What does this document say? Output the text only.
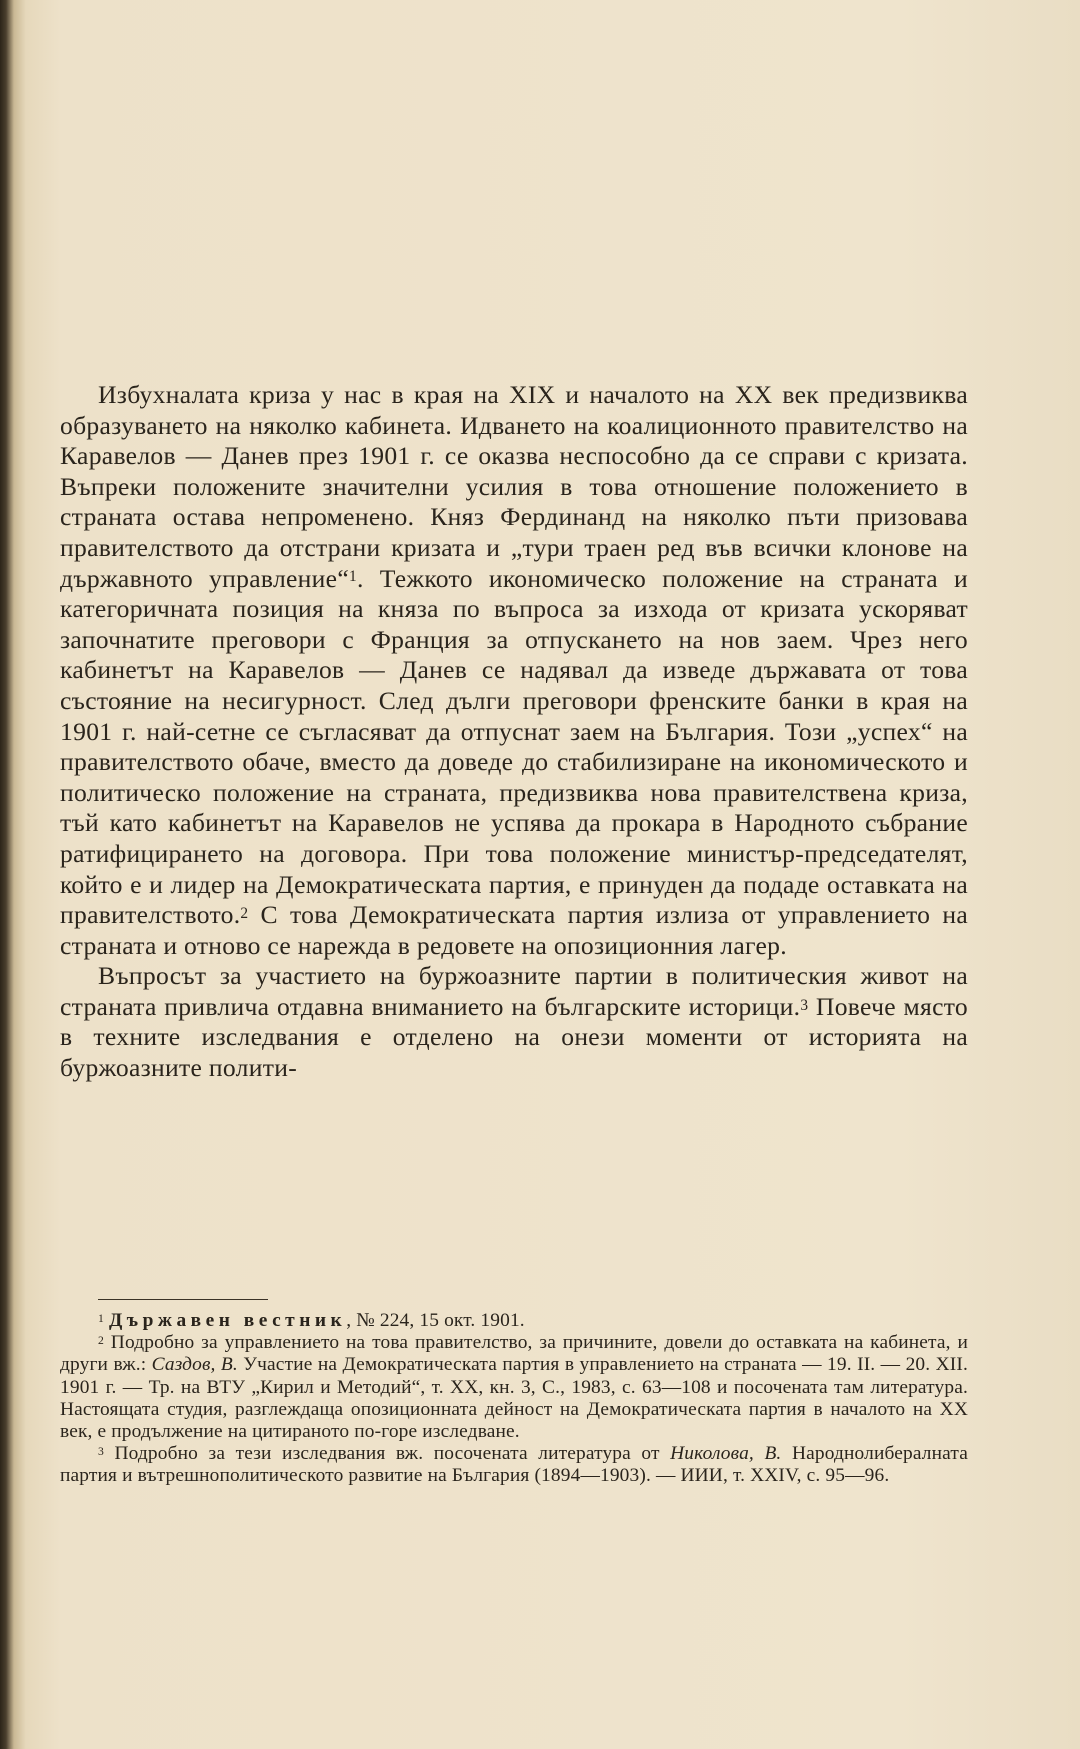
Избухналата криза у нас в края на XIX и началото на XX век предизвиква образуването на няколко кабинета. Идването на коалиционното правителство на Каравелов — Данев през 1901 г. се оказва неспособно да се справи с кризата. Въпреки положените значителни усилия в това отношение положението в страната остава непроменено. Княз Фердинанд на няколко пъти призовава правителството да отстрани кризата и „тури траен ред във всички клонове на държавното управление“$^1$. Тежкото икономическо положение на страната и категоричната позиция на княза по въпроса за изхода от кризата ускоряват започнатите преговори с Франция за отпускането на нов заем. Чрез него кабинетът на Каравелов — Данев се надявал да изведе държавата от това състояние на несигурност. След дълги преговори френските банки в края на 1901 г. най-сетне се съгласяват да отпуснат заем на България. Този „успех“ на правителството обаче, вместо да доведе до стабилизиране на икономическото и политическо положение на страната, предизвиква нова правителствена криза, тъй като кабинетът на Каравелов не успява да прокара в Народното събрание ратифицирането на договора. При това положение министър-председателят, който е и лидер на Демократическата партия, е принуден да подаде оставката на правителството.$^2$ С това Демократическата партия излиза от управлението на страната и отново се нарежда в редовете на опозиционния лагер.

Въпросът за участието на буржоазните партии в политическия живот на страната привлича отдавна вниманието на българските историци.$^3$ Повече място в техните изследвания е отделено на онези моменти от историята на буржоазните полити-

$^1$ Държавен вестник, № 224, 15 окт. 1901.

$^2$ Подробно за управлението на това правителство, за причините, довели до оставката на кабинета, и други вж.: Саздов, В. Участие на Демократическата партия в управлението на страната — 19. II. — 20. XII. 1901 г. — Тр. на ВТУ „Кирил и Методий“, т. XX, кн. 3, С., 1983, с. 63—108 и посочената там литература. Настоящата студия, разглеждаща опозиционната дейност на Демократическата партия в началото на XX век, е продължение на цитираното по-горе изследване.

$^3$ Подробно за тези изследвания вж. посочената литература от Николова, В. Народнолибералната партия и вътрешнополитическото развитие на България (1894—1903). — ИИИ, т. XXIV, с. 95—96.
